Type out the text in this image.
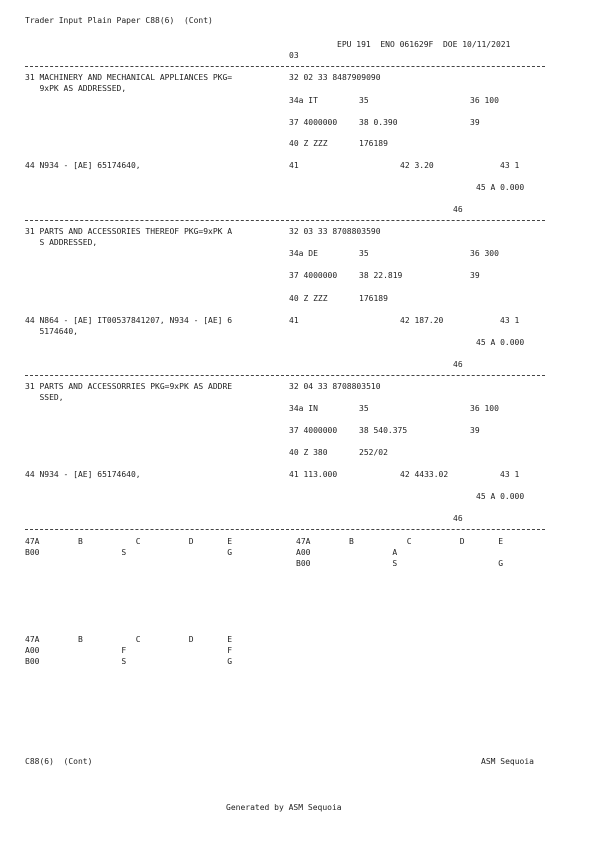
Trader Input Plain Paper C88(6)  (Cont)
EPU 191  ENO 061629F  DOE 10/11/2021
03
31 MACHINERY AND MECHANICAL APPLIANCES PKG=
9xPK AS ADDRESSED,
32 02 33 8487909090
34a IT	35	36 100
37 4000000	38 0.390	39
40 Z ZZZ	176189
44 N934 - [AE] 65174640,	41	42 3.20	43 1
45 A 0.000
46
31 PARTS AND ACCESSORIES THEREOF PKG=9xPK A
S ADDRESSED,
32 03 33 8708803590
34a DE	35	36 300
37 4000000	38 22.819	39
40 Z ZZZ	176189
44 N864 - [AE] IT00537841207, N934 - [AE] 6
5174640,
41	42 187.20	43 1
45 A 0.000
46
31 PARTS AND ACCESSORRIES PKG=9xPK AS ADDRE
SSED,
32 04 33 8708803510
34a IN	35	36 100
37 4000000	38 540.375	39
40 Z 380	252/02
44 N934 - [AE] 65174640,	41 113.000	42 4433.02	43 1
45 A 0.000
46
47A        B           C          D       E
B00                 S                     G
47A        B           C          D       E
A00                 A
B00                 S                     G
47A        B           C          D       E
A00                 F                     F
B00                 S                     G
C88(6)  (Cont)	ASM Sequoia
Generated by ASM Sequoia
